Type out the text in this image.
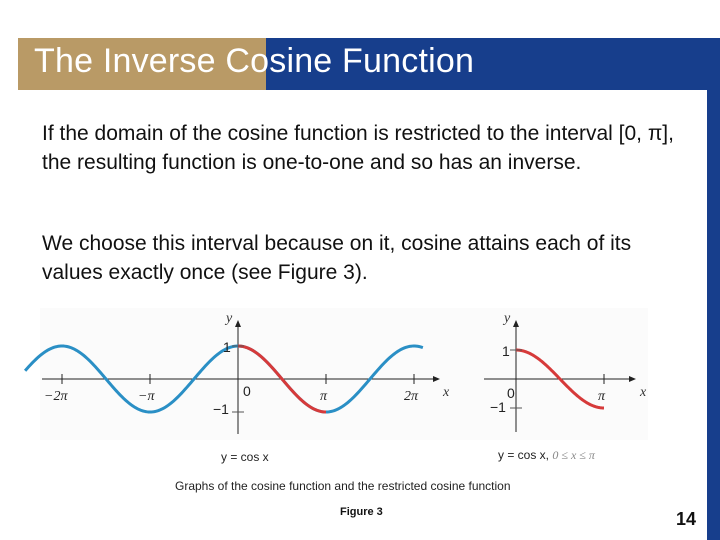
The Inverse Cosine Function
If the domain of the cosine function is restricted to the interval [0, π], the resulting function is one-to-one and so has an inverse.
We choose this interval because on it, cosine attains each of its values exactly once (see Figure 3).
y
x
1
−1
0
−2π	−π	π	2π
y
x
1
−1
0	π
y = cos x	y = cos x, 0 ≤ x ≤ π
Graphs of the cosine function and the restricted cosine function
Figure 3	14
